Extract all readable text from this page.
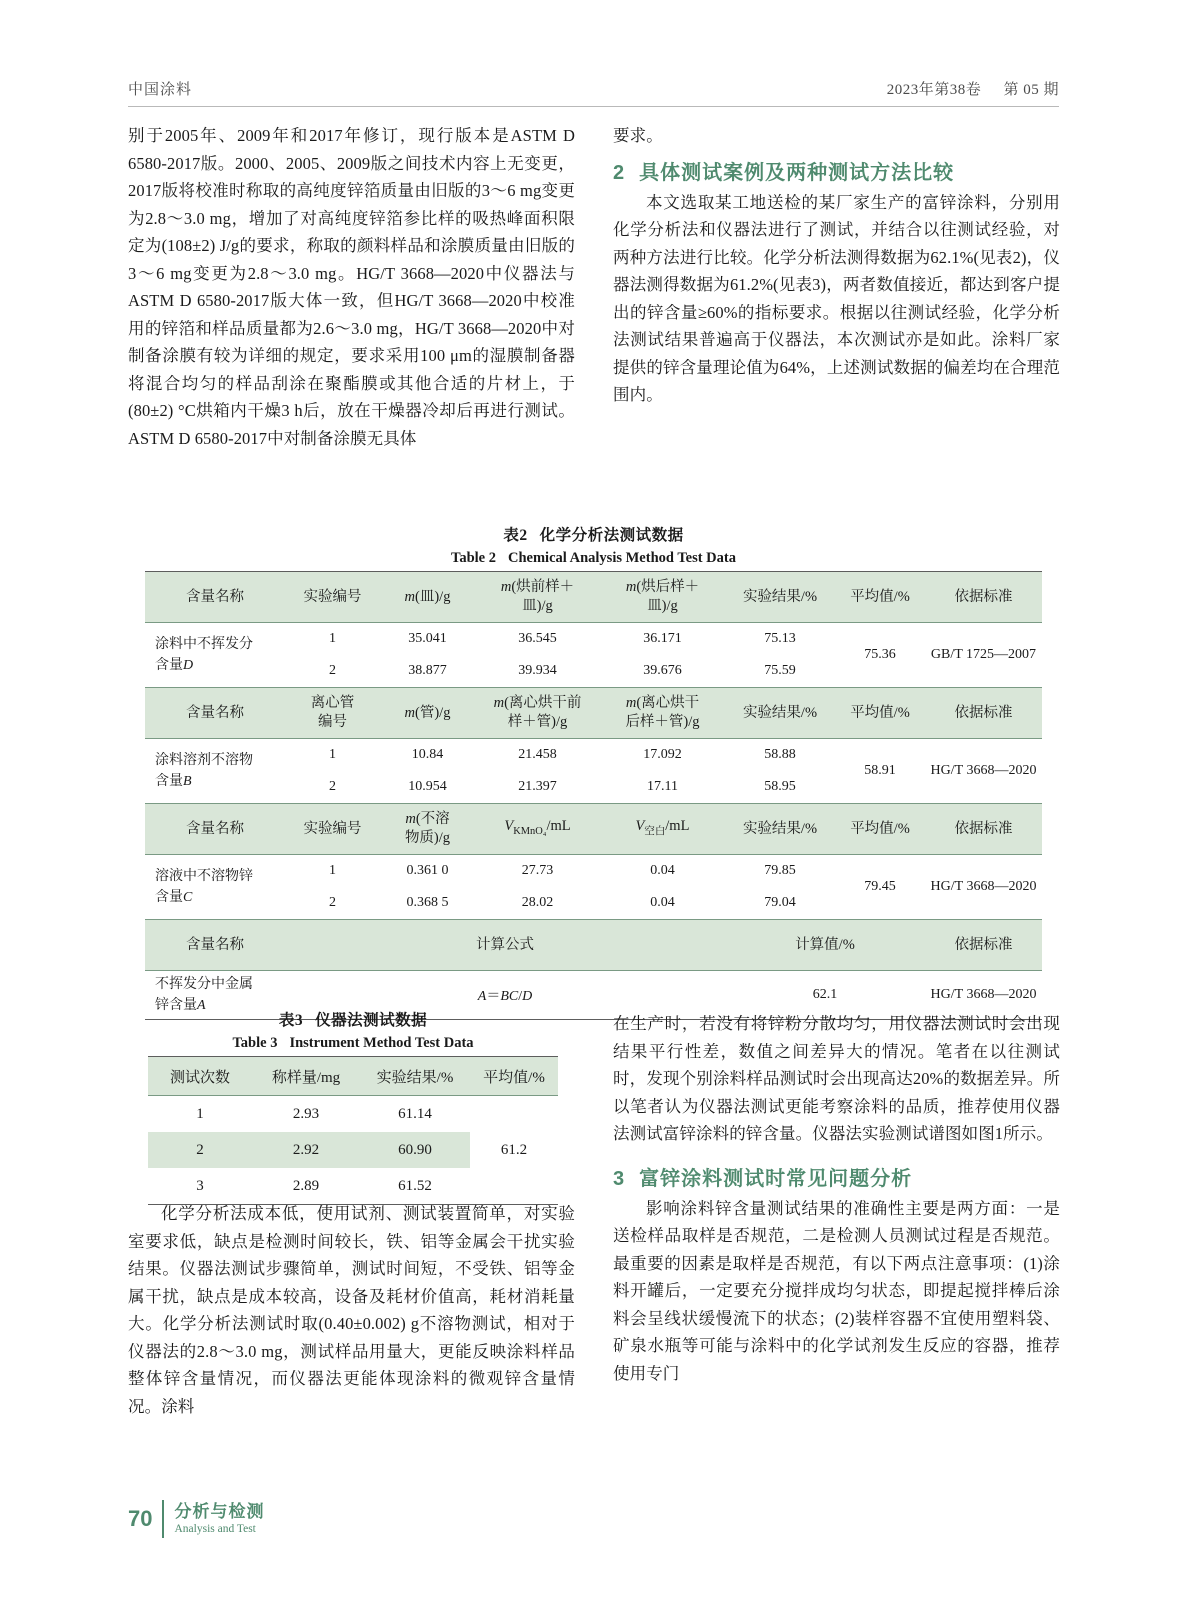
中国涂料	2023年第38卷 第 05 期

别于2005年、2009年和2017年修订，现行版本是ASTM D 6580-2017版。2000、2005、2009版之间技术内容上无变更，2017版将校准时称取的高纯度锌箔质量由旧版的3～6 mg变更为2.8～3.0 mg，增加了对高纯度锌箔参比样的吸热峰面积限定为(108±2) J/g的要求，称取的颜料样品和涂膜质量由旧版的3～6 mg变更为2.8～3.0 mg。HG/T 3668—2020中仪器法与ASTM D 6580-2017版大体一致，但HG/T 3668—2020中校准用的锌箔和样品质量都为2.6～3.0 mg，HG/T 3668—2020中对制备涂膜有较为详细的规定，要求采用100 μm的湿膜制备器将混合均匀的样品刮涂在聚酯膜或其他合适的片材上，于(80±2) °C烘箱内干燥3 h后，放在干燥器冷却后再进行测试。ASTM D 6580-2017中对制备涂膜无具体

要求。

2 具体测试案例及两种测试方法比较

本文选取某工地送检的某厂家生产的富锌涂料，分别用化学分析法和仪器法进行了测试，并结合以往测试经验，对两种方法进行比较。化学分析法测得数据为62.1%(见表2)，仪器法测得数据为61.2%(见表3)，两者数值接近，都达到客户提出的锌含量≥60%的指标要求。根据以往测试经验，化学分析法测试结果普遍高于仪器法，本次测试亦是如此。涂料厂家提供的锌含量理论值为64%，上述测试数据的偏差均在合理范围内。

表2 化学分析法测试数据
Table 2 Chemical Analysis Method Test Data
含量名称	实验编号	m(皿)/g	m(烘前样＋
皿)/g	m(烘后样＋
皿)/g	实验结果/%	平均值/%	依据标准
涂料中不挥发分
含量D	1	35.041	36.545	36.171	75.13	75.36	GB/T 1725—2007
	2	38.877	39.934	39.676	75.59		
含量名称	离心管
编号	m(管)/g	m(离心烘干前
样＋管)/g	m(离心烘干
后样＋管)/g	实验结果/%	平均值/%	依据标准
涂料溶剂不溶物
含量B	1	10.84	21.458	17.092	58.88	58.91	HG/T 3668—2020
	2	10.954	21.397	17.11	58.95		
含量名称	实验编号	m(不溶
物质)/g	$V_{KMnO_4}/mL$	$V_{空白}/mL$	实验结果/%	平均值/%	依据标准
溶液中不溶物锌
含量C	1	0.361 0	27.73	0.04	79.85	79.45	HG/T 3668—2020
	2	0.368 5	28.02	0.04	79.04		
含量名称	计算公式				计算值/%		依据标准
不挥发分中金属
锌含量A	A＝BC/D				62.1		HG/T 3668—2020
表3 仪器法测试数据
Table 3 Instrument Method Test Data
测试次数	称样量/mg	实验结果/%	平均值/%
1	2.93	61.14	61.2
2	2.92	60.90	
3	2.89	61.52	

化学分析法成本低，使用试剂、测试装置简单，对实验室要求低，缺点是检测时间较长，铁、铝等金属会干扰实验结果。仪器法测试步骤简单，测试时间短，不受铁、铝等金属干扰，缺点是成本较高，设备及耗材价值高，耗材消耗量大。化学分析法测试时取(0.40±0.002) g不溶物测试，相对于仪器法的2.8～3.0 mg，测试样品用量大，更能反映涂料样品整体锌含量情况，而仪器法更能体现涂料的微观锌含量情况。涂料

在生产时，若没有将锌粉分散均匀，用仪器法测试时会出现结果平行性差，数值之间差异大的情况。笔者在以往测试时，发现个别涂料样品测试时会出现高达20%的数据差异。所以笔者认为仪器法测试更能考察涂料的品质，推荐使用仪器法测试富锌涂料的锌含量。仪器法实验测试谱图如图1所示。

3 富锌涂料测试时常见问题分析

影响涂料锌含量测试结果的准确性主要是两方面：一是送检样品取样是否规范，二是检测人员测试过程是否规范。最重要的因素是取样是否规范，有以下两点注意事项：(1)涂料开罐后，一定要充分搅拌成均匀状态，即提起搅拌棒后涂料会呈线状缓慢流下的状态；(2)装样容器不宜使用塑料袋、矿泉水瓶等可能与涂料中的化学试剂发生反应的容器，推荐使用专门

70 分析与检测
Analysis and Test
